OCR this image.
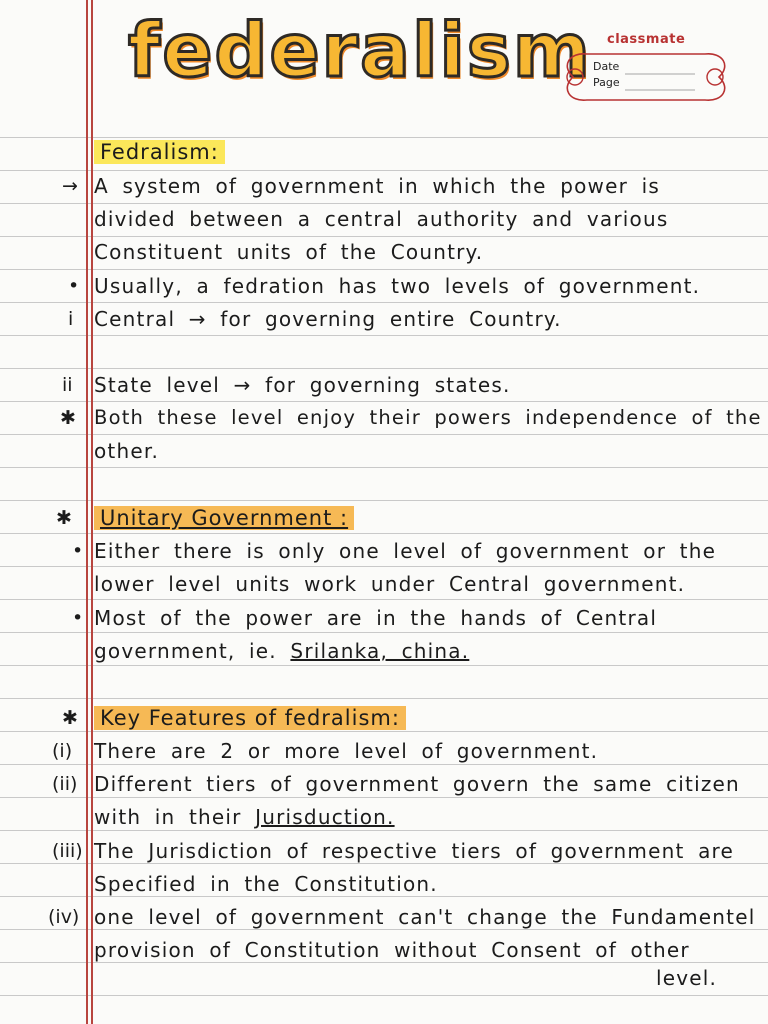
federalism classmate
Date
Page
Fedralism:
→ A system of government in which the power is
divided between a central authority and various
Constituent units of the Country.
• Usually, a fedration has two levels of government.
i Central → for governing entire Country.
ii State level → for governing states.
✱ Both these level enjoy their powers independence of the
other.
✱ Unitary Government :
• Either there is only one level of government or the
lower level units work under Central government.
• Most of the power are in the hands of Central
government, ie. Srilanka, china.
✱ Key Features of fedralism:
(i) There are 2 or more level of government.
(ii) Different tiers of government govern the same citizen
with in their Jurisduction.
(iii) The Jurisdiction of respective tiers of government are
Specified in the Constitution.
(iv) one level of government can't change the Fundamentel
provision of Constitution without Consent of other
level.
